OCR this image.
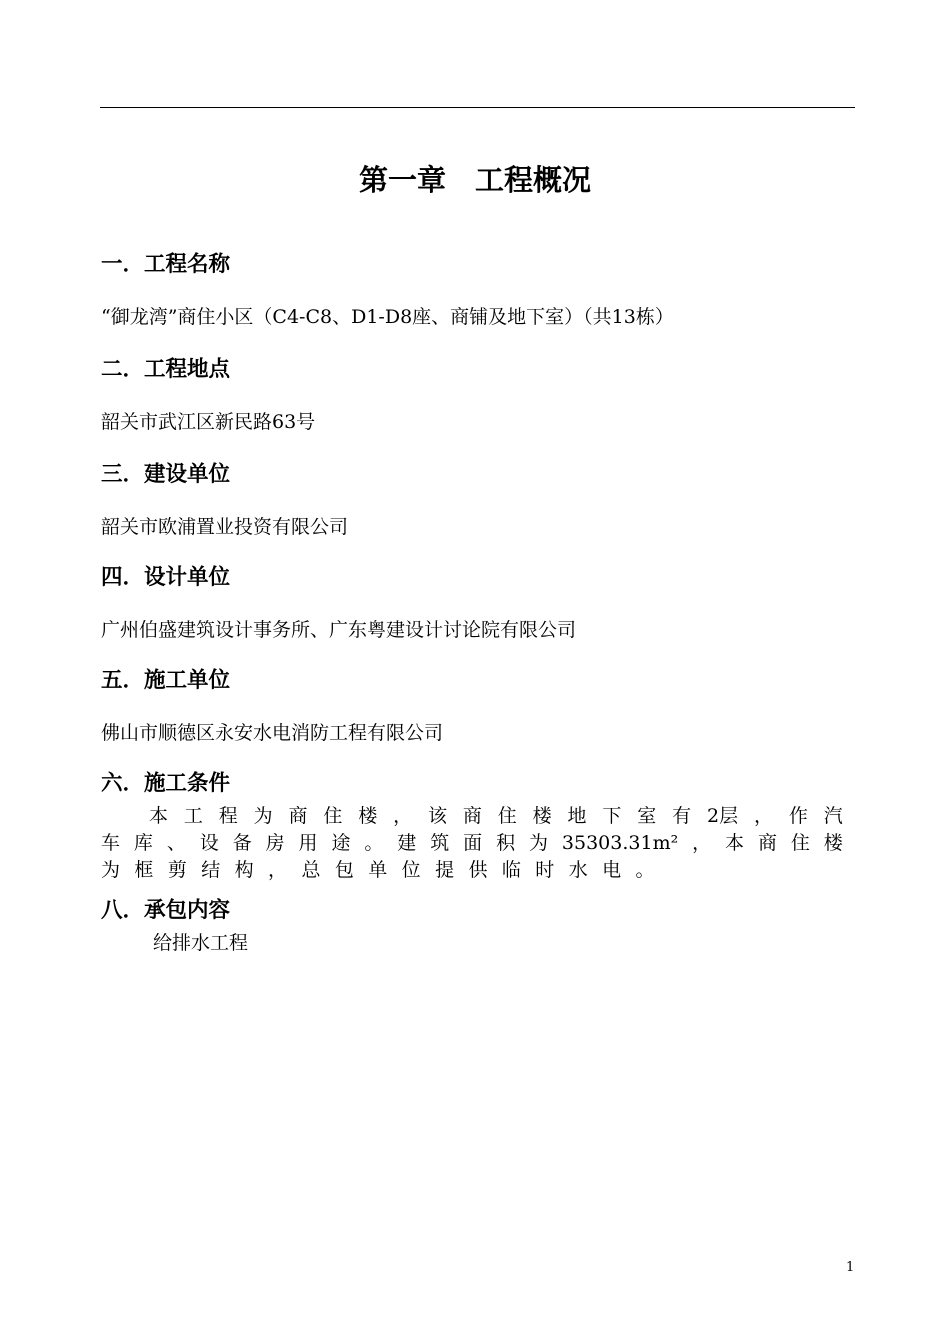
第一章　工程概况
一．工程名称
“御龙湾”商住小区（C4-C8、D1-D8座、商铺及地下室）（共13栋）
二．工程地点
韶关市武江区新民路63号
三．建设单位
韶关市欧浦置业投资有限公司
四．设计单位
广州伯盛建筑设计事务所、广东粤建设计讨论院有限公司
五．施工单位
佛山市顺德区永安水电消防工程有限公司
六．施工条件
本 工 程 为 商 住 楼 ， 该 商 住 楼 地 下 室 有 2层 ， 作 汽
车 库 、 设 备 房 用 途 。 建 筑 面 积 为 35303.31m² ， 本 商 住 楼
为 框 剪 结 构 ， 总 包 单 位 提 供 临 时 水 电 。
八．承包内容
给排水工程
1
